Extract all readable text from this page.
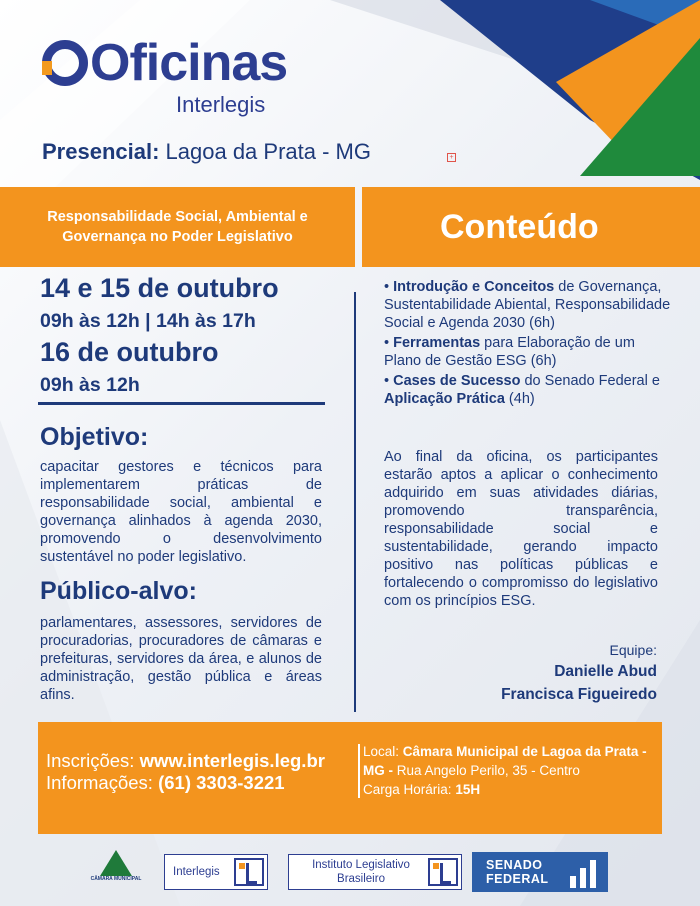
Oficinas
Interlegis
Presencial: Lagoa da Prata - MG	+
Responsabilidade Social, Ambiental e Governança no Poder Legislativo	Conteúdo
14 e 15 de outubro
09h às 12h | 14h às 17h
16 de outubro
09h às 12h
Objetivo:
capacitar gestores e técnicos para implementarem práticas de responsabilidade social, ambiental e governança alinhados à agenda 2030, promovendo o desenvolvimento sustentável no poder legislativo.
Público-alvo:
parlamentares, assessores, servidores de procuradorias, procuradores de câmaras e prefeituras, servidores da área, e alunos de administração, gestão pública e áreas afins.
• Introdução e Conceitos de Governança, Sustentabilidade Abiental, Responsabilidade Social e Agenda 2030 (6h)
• Ferramentas para Elaboração de um Plano de Gestão ESG (6h)
• Cases de Sucesso do Senado Federal e Aplicação Prática (4h)
Ao final da oficina, os participantes estarão aptos a aplicar o conhecimento adquirido em suas atividades diárias, promovendo transparência, responsabilidade social e sustentabilidade, gerando impacto positivo nas políticas públicas e fortalecendo o compromisso do legislativo com os princípios ESG.
Equipe:
Danielle Abud
Francisca Figueiredo
Inscrições: www.interlegis.leg.br
Informações: (61) 3303-3221
Local: Câmara Municipal de Lagoa da Prata - MG - Rua Angelo Perilo, 35 - Centro
Carga Horária: 15H
CÂMARA MUNICIPAL
Interlegis
Instituto Legislativo
Brasileiro
SENADO
FEDERAL
